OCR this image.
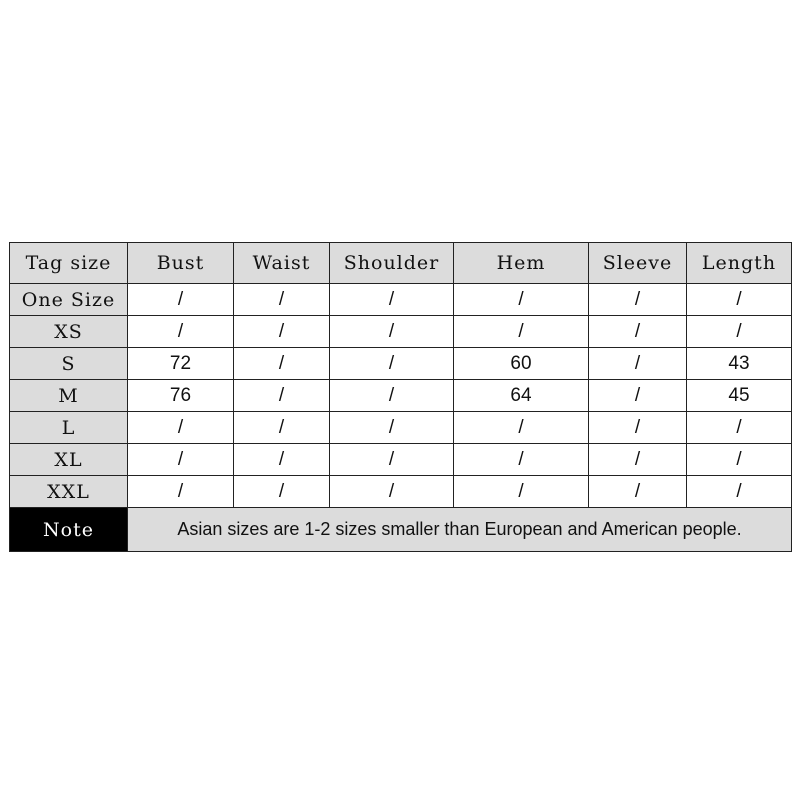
Tag size	Bust	Waist	Shoulder	Hem	Sleeve	Length
One Size	/	/	/	/	/	/
XS	/	/	/	/	/	/
S	72	/	/	60	/	43
M	76	/	/	64	/	45
L	/	/	/	/	/	/
XL	/	/	/	/	/	/
XXL	/	/	/	/	/	/
Note	Asian sizes are 1-2 sizes smaller than European and American people.					
